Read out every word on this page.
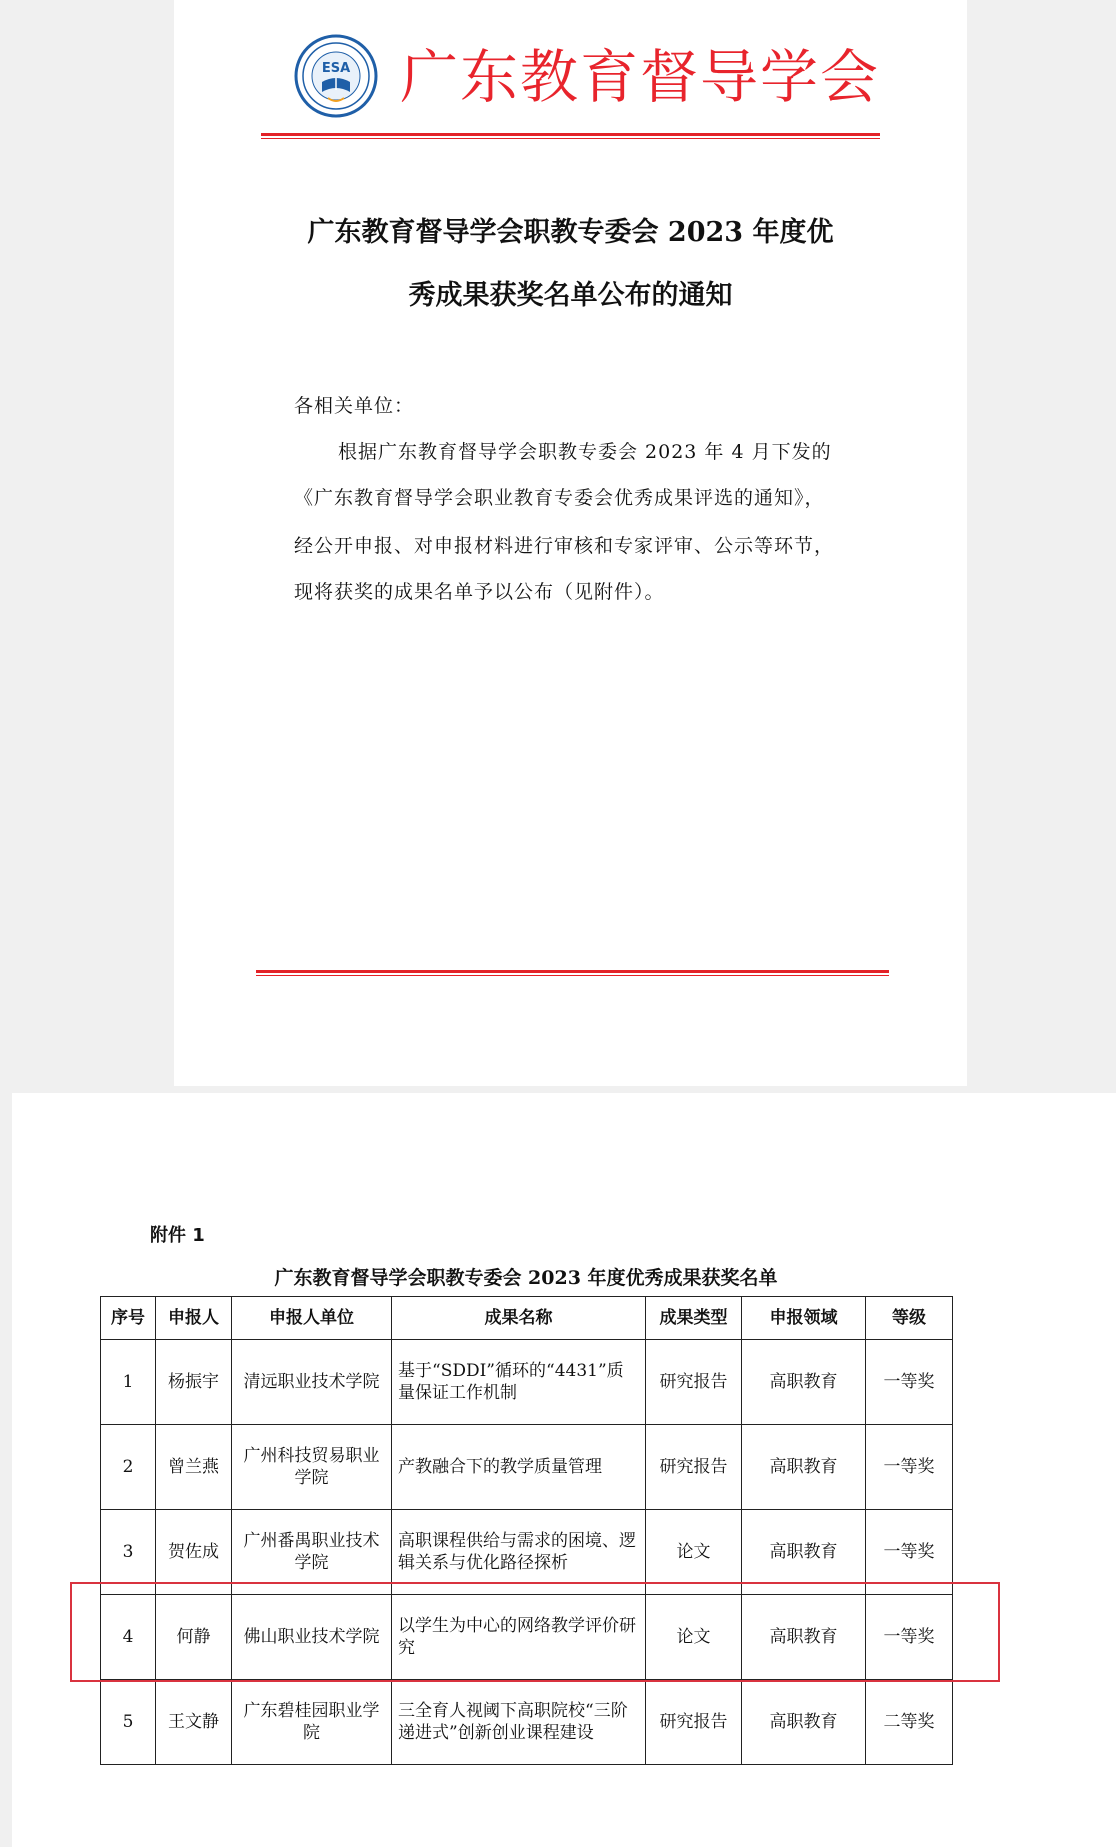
ESA 广东教育督导学会
广东教育督导学会职教专委会 2023 年度优
秀成果获奖名单公布的通知
各相关单位：
根据广东教育督导学会职教专委会 2023 年 4 月下发的
《广东教育督导学会职业教育专委会优秀成果评选的通知》，
经公开申报、对申报材料进行审核和专家评审、公示等环节，
现将获奖的成果名单予以公布（见附件）。
附件 1
广东教育督导学会职教专委会 2023 年度优秀成果获奖名单
序号	申报人	申报人单位	成果名称	成果类型	申报领域	等级
1	杨振宇	清远职业技术学院	基于“SDDI”循环的“4431”质量保证工作机制	研究报告	高职教育	一等奖
2	曾兰燕	广州科技贸易职业学院	产教融合下的教学质量管理	研究报告	高职教育	一等奖
3	贺佐成	广州番禺职业技术学院	高职课程供给与需求的困境、逻辑关系与优化路径探析	论文	高职教育	一等奖
4	何静	佛山职业技术学院	以学生为中心的网络教学评价研究	论文	高职教育	一等奖
5	王文静	广东碧桂园职业学院	三全育人视阈下高职院校“三阶递进式”创新创业课程建设	研究报告	高职教育	二等奖
